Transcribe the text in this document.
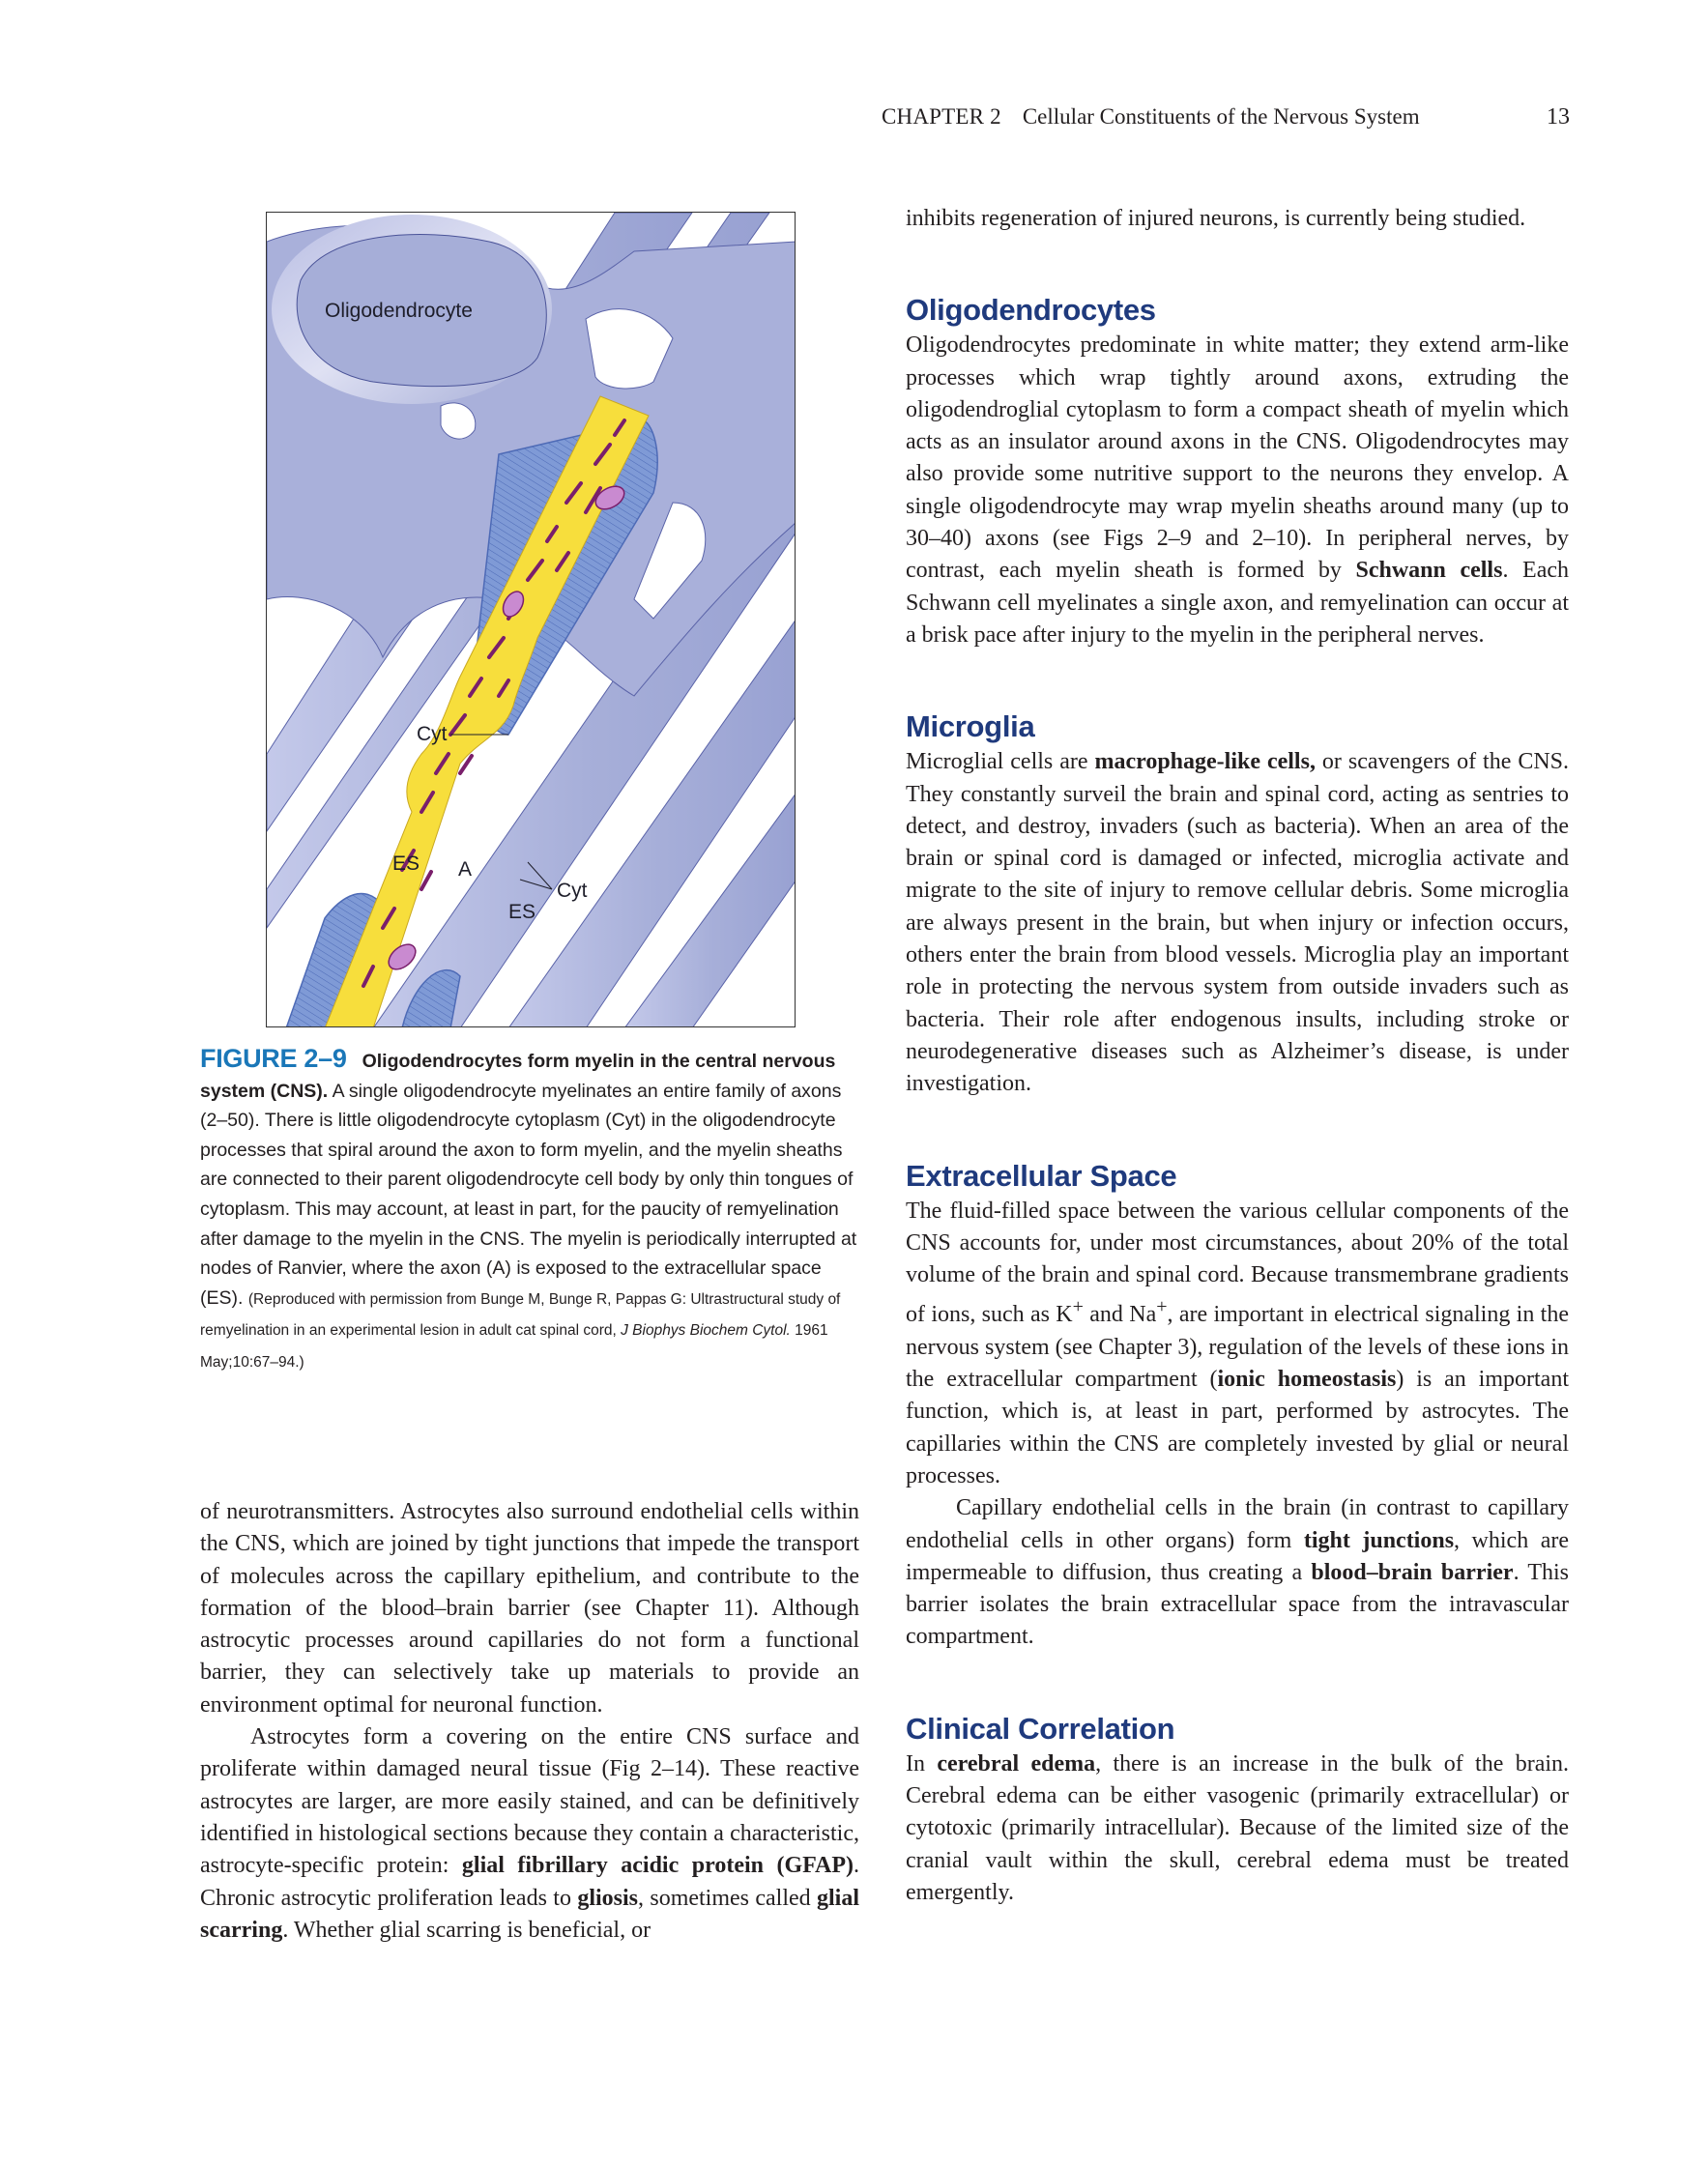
CHAPTER 2 Cellular Constituents of the Nervous System	13
Oligodendrocyte
Cyt
ES A
Cyt
ES
FIGURE 2–9 Oligodendrocytes form myelin in the central nervous system (CNS). A single oligodendrocyte myelinates an entire family of axons (2–50). There is little oligodendrocyte cytoplasm (Cyt) in the oligodendrocyte processes that spiral around the axon to form myelin, and the myelin sheaths are connected to their parent oligodendrocyte cell body by only thin tongues of cytoplasm. This may account, at least in part, for the paucity of remyelination after damage to the myelin in the CNS. The myelin is periodically interrupted at nodes of Ranvier, where the axon (A) is exposed to the extracellular space (ES). (Reproduced with permission from Bunge M, Bunge R, Pappas G: Ultrastructural study of remyelination in an experimental lesion in adult cat spinal cord, J Biophys Biochem Cytol. 1961 May;10:67–94.)

of neurotransmitters. Astrocytes also surround endothelial cells within the CNS, which are joined by tight junctions that impede the transport of molecules across the capillary epithelium, and contribute to the formation of the blood–brain barrier (see Chapter 11). Although astrocytic processes around capillaries do not form a functional barrier, they can selectively take up materials to provide an environment optimal for neuronal function.

Astrocytes form a covering on the entire CNS surface and proliferate within damaged neural tissue (Fig 2–14). These reactive astrocytes are larger, are more easily stained, and can be definitively identified in histological sections because they contain a characteristic, astrocyte-specific protein: glial fibrillary acidic protein (GFAP). Chronic astrocytic proliferation leads to gliosis, sometimes called glial scarring. Whether glial scarring is beneficial, or

inhibits regeneration of injured neurons, is currently being studied.

Oligodendrocytes

Oligodendrocytes predominate in white matter; they extend arm-like processes which wrap tightly around axons, extruding the oligodendroglial cytoplasm to form a compact sheath of myelin which acts as an insulator around axons in the CNS. Oligodendrocytes may also provide some nutritive support to the neurons they envelop. A single oligodendrocyte may wrap myelin sheaths around many (up to 30–40) axons (see Figs 2–9 and 2–10). In peripheral nerves, by contrast, each myelin sheath is formed by Schwann cells. Each Schwann cell myelinates a single axon, and remyelination can occur at a brisk pace after injury to the myelin in the peripheral nerves.

Microglia

Microglial cells are macrophage-like cells, or scavengers of the CNS. They constantly surveil the brain and spinal cord, acting as sentries to detect, and destroy, invaders (such as bacteria). When an area of the brain or spinal cord is damaged or infected, microglia activate and migrate to the site of injury to remove cellular debris. Some microglia are always present in the brain, but when injury or infection occurs, others enter the brain from blood vessels. Microglia play an important role in protecting the nervous system from outside invaders such as bacteria. Their role after endogenous insults, including stroke or neurodegenerative diseases such as Alzheimer’s disease, is under investigation.

Extracellular Space

The fluid-filled space between the various cellular components of the CNS accounts for, under most circumstances, about 20% of the total volume of the brain and spinal cord. Because transmembrane gradients of ions, such as K+ and Na+, are important in electrical signaling in the nervous system (see Chapter 3), regulation of the levels of these ions in the extracellular compartment (ionic homeostasis) is an important function, which is, at least in part, performed by astrocytes. The capillaries within the CNS are completely invested by glial or neural processes.

Capillary endothelial cells in the brain (in contrast to capillary endothelial cells in other organs) form tight junctions, which are impermeable to diffusion, thus creating a blood–brain barrier. This barrier isolates the brain extracellular space from the intravascular compartment.

Clinical Correlation

In cerebral edema, there is an increase in the bulk of the brain. Cerebral edema can be either vasogenic (primarily extracellular) or cytotoxic (primarily intracellular). Because of the limited size of the cranial vault within the skull, cerebral edema must be treated emergently.
